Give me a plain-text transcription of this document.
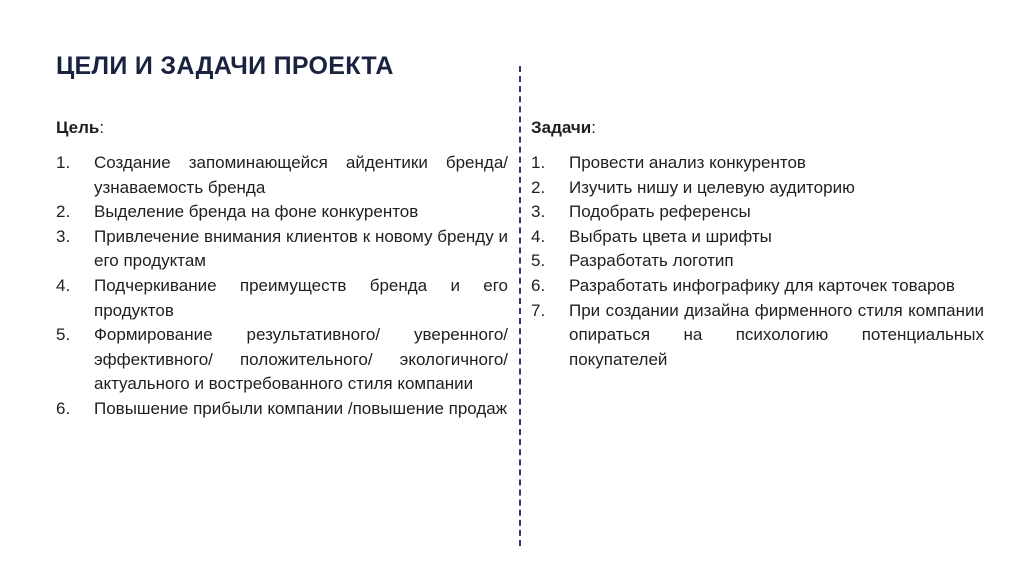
ЦЕЛИ И ЗАДАЧИ ПРОЕКТА
Цель:
1.	Создание запоминающейся айдентики бренда/ узнаваемость бренда
2.	Выделение бренда на фоне конкурентов
3.	Привлечение внимания клиентов к новому бренду и его продуктам
4.	Подчеркивание преимуществ бренда и его продуктов
5.	Формирование результативного/ уверенного/ эффективного/ положительного/ экологичного/ актуального и востребованного стиля компании
6.	Повышение прибыли компании /повышение продаж
Задачи:
1.	Провести анализ конкурентов
2.	Изучить нишу и целевую аудиторию
3.	Подобрать референсы
4.	Выбрать цвета и шрифты
5.	Разработать логотип
6.	Разработать инфографику для карточек товаров
7.	При создании дизайна фирменного стиля компании опираться на психологию потенциальных покупателей
